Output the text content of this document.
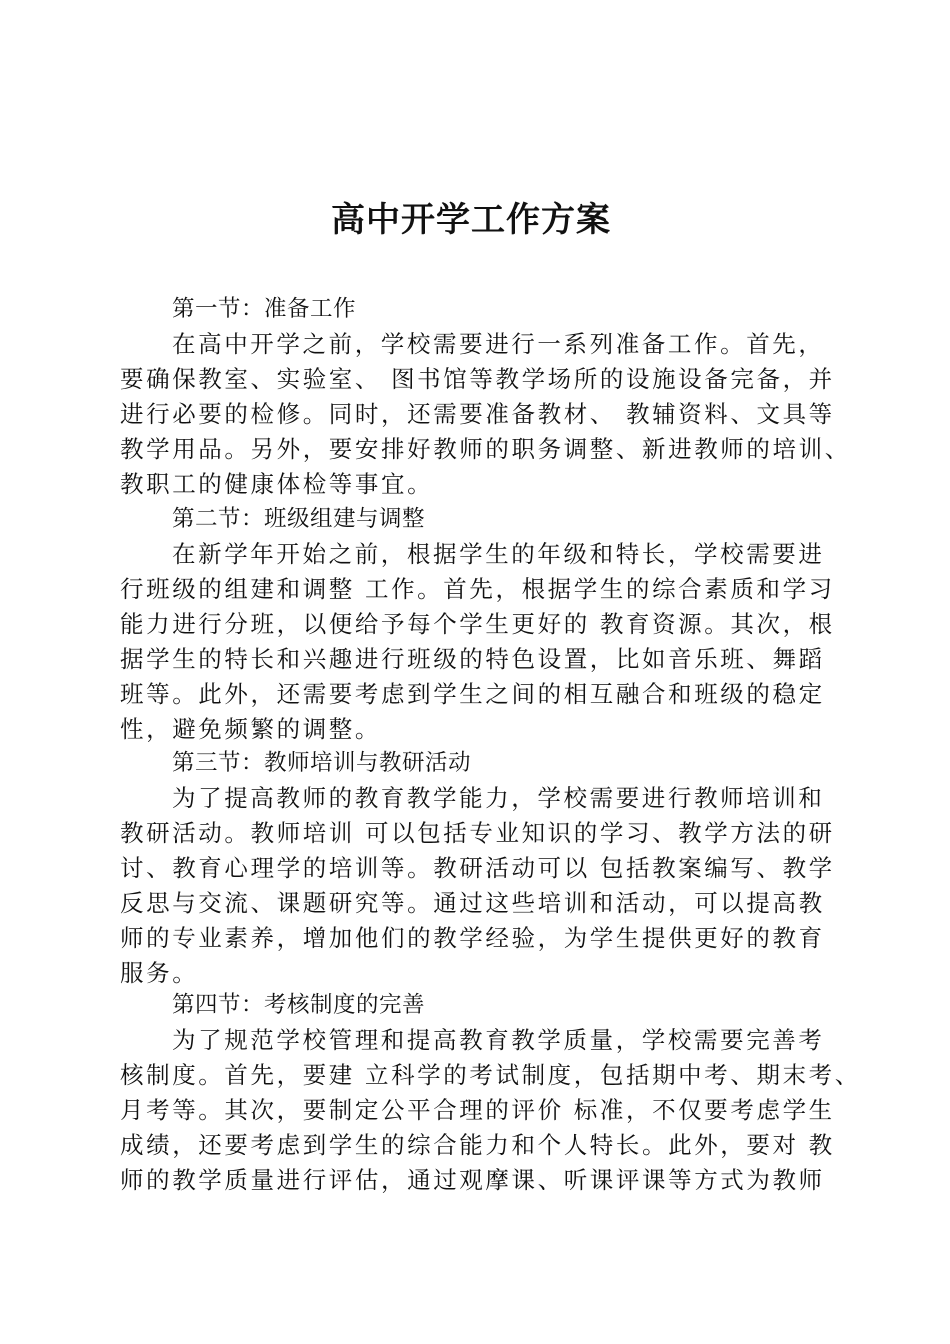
高中开学工作方案
第一节：准备工作
在高中开学之前，学校需要进行一系列准备工作。首先，
要确保教室、实验室、 图书馆等教学场所的设施设备完备，并
进行必要的检修。同时，还需要准备教材、 教辅资料、文具等
教学用品。另外，要安排好教师的职务调整、新进教师的培训、
教职工的健康体检等事宜。
第二节：班级组建与调整
在新学年开始之前，根据学生的年级和特长，学校需要进
行班级的组建和调整 工作。首先，根据学生的综合素质和学习
能力进行分班，以便给予每个学生更好的 教育资源。其次，根
据学生的特长和兴趣进行班级的特色设置，比如音乐班、舞蹈
班等。此外，还需要考虑到学生之间的相互融合和班级的稳定
性，避免频繁的调整。
第三节：教师培训与教研活动
为了提高教师的教育教学能力，学校需要进行教师培训和
教研活动。教师培训 可以包括专业知识的学习、教学方法的研
讨、教育心理学的培训等。教研活动可以 包括教案编写、教学
反思与交流、课题研究等。通过这些培训和活动，可以提高教
师的专业素养，增加他们的教学经验，为学生提供更好的教育
服务。
第四节：考核制度的完善
为了规范学校管理和提高教育教学质量，学校需要完善考
核制度。首先，要建 立科学的考试制度，包括期中考、期末考、
月考等。其次，要制定公平合理的评价 标准，不仅要考虑学生
成绩，还要考虑到学生的综合能力和个人特长。此外，要对 教
师的教学质量进行评估，通过观摩课、听课评课等方式为教师
